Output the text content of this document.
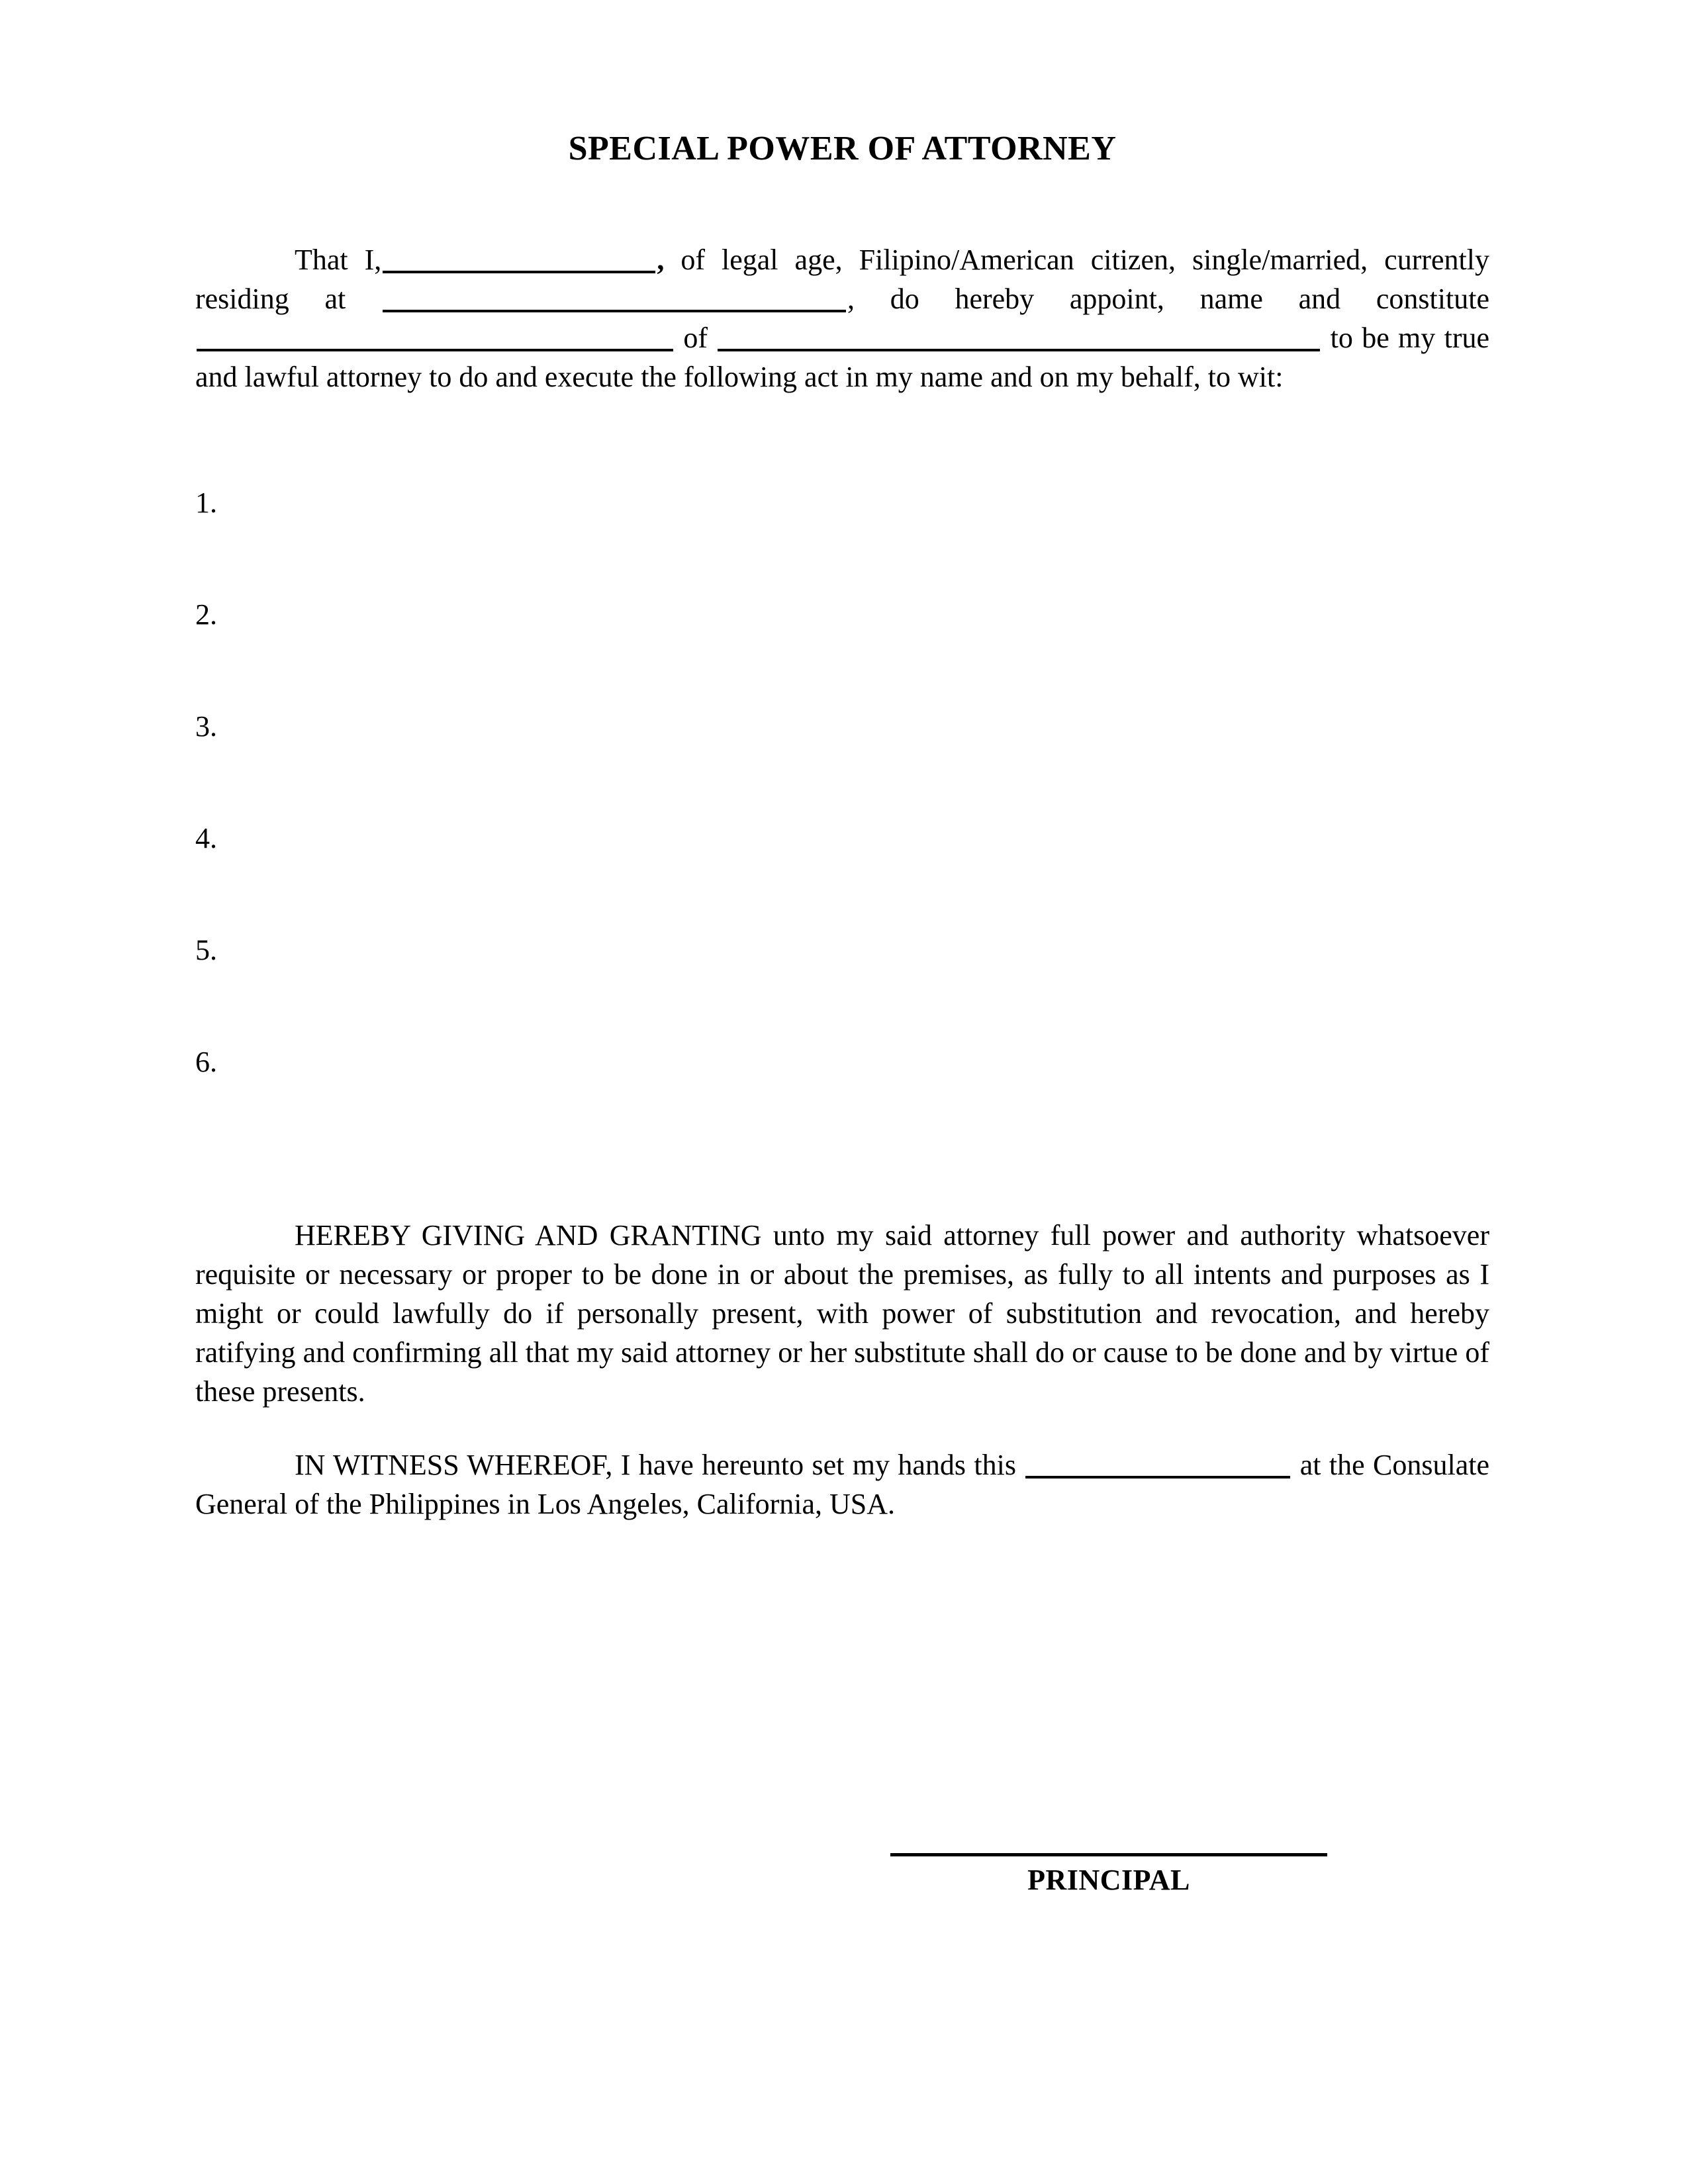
SPECIAL POWER OF ATTORNEY

That I,	, of legal age, Filipino/American citizen, single/married, currently residing at	, do hereby appoint, name and constitute  of	to be my true and lawful attorney to do and execute the following act in my name and on my behalf, to wit:

1.
2.
3.
4.
5.
6.

HEREBY GIVING AND GRANTING unto my said attorney full power and authority whatsoever requisite or necessary or proper to be done in or about the premises, as fully to all intents and purposes as I might or could lawfully do if personally present, with power of substitution and revocation, and hereby ratifying and confirming all that my said attorney or her substitute shall do or cause to be done and by virtue of these presents.

IN WITNESS WHEREOF, I have hereunto set my hands this	at the Consulate General of the Philippines in Los Angeles, California, USA.

PRINCIPAL
